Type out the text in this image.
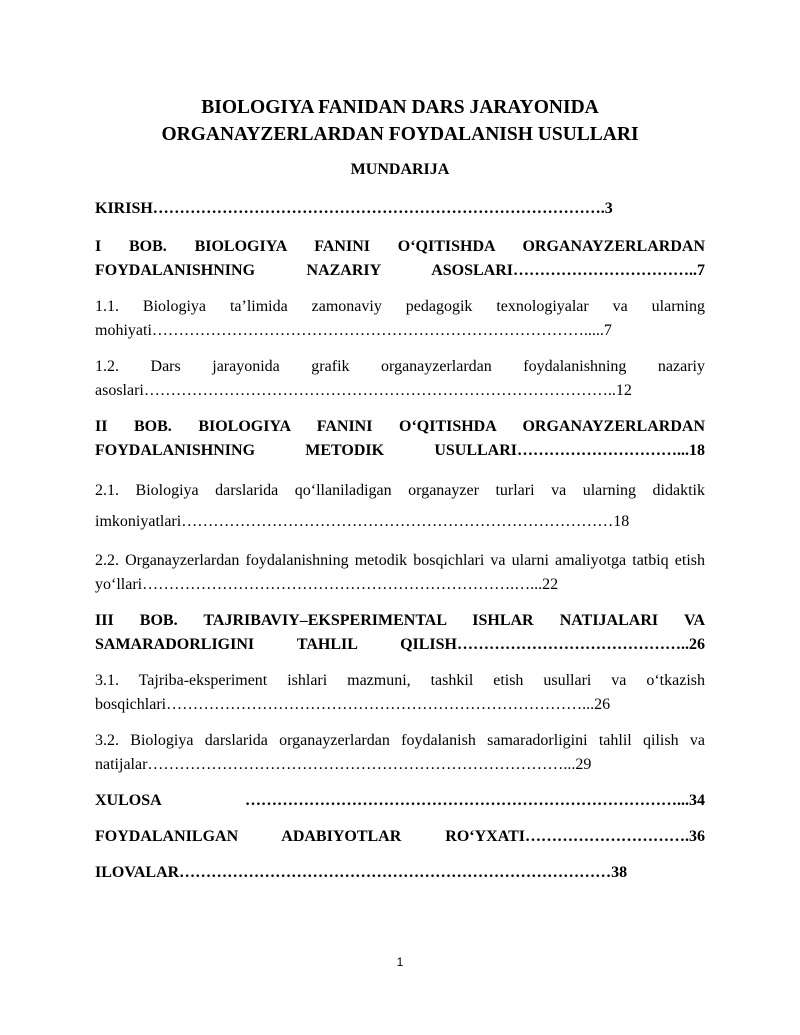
BIOLOGIYA FANIDAN DARS JARAYONIDA

ORGANAYZERLARDAN FOYDALANISH USULLARI

MUNDARIJA

KIRISH………………………………………………………………………….3
I BOB. BIOLOGIYA FANINI O‘QITISHDA ORGANAYZERLARDAN FOYDALANISHNING NAZARIY ASOSLARI……………………………..7
1.1. Biologiya ta’limida zamonaviy pedagogik texnologiyalar va ularning mohiyati……………………………………………………………………….....7
1.2. Dars jarayonida grafik organayzerlardan foydalanishning nazariy asoslari……………………………………………………………………………..12
II BOB. BIOLOGIYA FANINI O‘QITISHDA ORGANAYZERLARDAN FOYDALANISHNING METODIK USULLARI…………………………...18
2.1. Biologiya darslarida qo‘llaniladigan organayzer turlari va ularning didaktik imkoniyatlari………………………………………………………………………18
2.2. Organayzerlardan foydalanishning metodik bosqichlari va ularni amaliyotga tatbiq etish yo‘llari…………………………………………………………….…...22
III BOB. TAJRIBAVIY–EKSPERIMENTAL ISHLAR NATIJALARI VA SAMARADORLIGINI TAHLIL QILISH……………………………………..26
3.1. Tajriba-eksperiment ishlari mazmuni, tashkil etish usullari va o‘tkazish bosqichlari……………………………………………………………………...26
3.2. Biologiya darslarida organayzerlardan foydalanish samaradorligini tahlil qilish va natijalar……………………………………………………………………...29
XULOSA ………………………………………………………………………...34
FOYDALANILGAN ADABIYOTLAR RO‘YXATI………………………….36
ILOVALAR………………………………………………………………………38
1
